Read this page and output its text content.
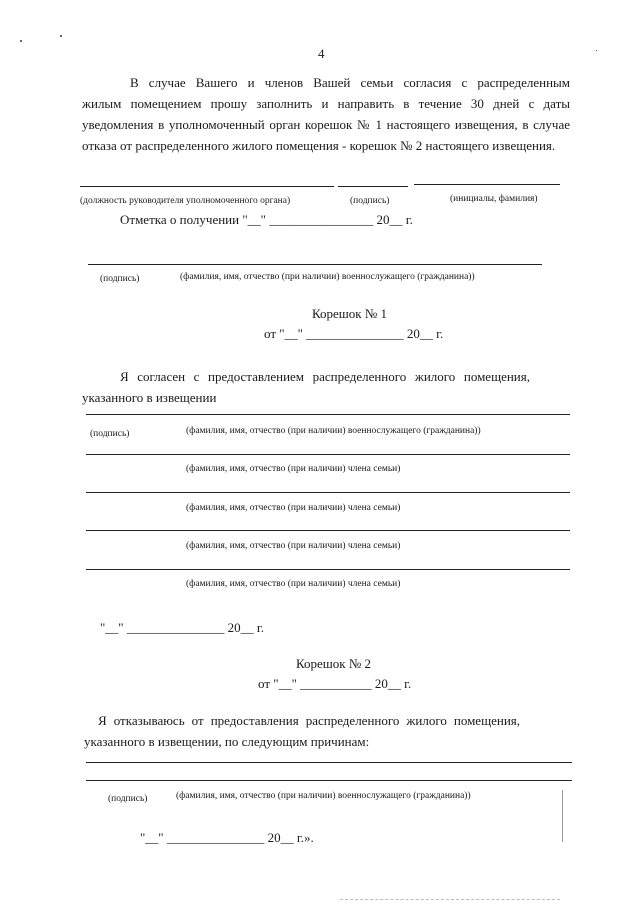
4
В случае Вашего и членов Вашей семьи согласия с распределенным
жилым помещением прошу заполнить и направить в течение 30 дней с даты
уведомления в уполномоченный орган корешок № 1 настоящего извещения, в случае
отказа от распределенного жилого помещения - корешок № 2 настоящего извещения.
(должность руководителя уполномоченного органа)	(подпись)	(инициалы, фамилия)
Отметка о получении "__" ________________ 20__ г.
(подпись)	(фамилия, имя, отчество (при наличии) военнослужащего (гражданина))
Корешок № 1
от "__" _______________ 20__ г.
Я согласен с предоставлением распределенного жилого помещения,
указанного в извещении
(подпись)	(фамилия, имя, отчество (при наличии) военнослужащего (гражданина))
(фамилия, имя, отчество (при наличии) члена семьи)
(фамилия, имя, отчество (при наличии) члена семьи)
(фамилия, имя, отчество (при наличии) члена семьи)
(фамилия, имя, отчество (при наличии) члена семьи)
"__" _______________ 20__ г.
Корешок № 2
от "__" ___________ 20__ г.
Я отказываюсь от предоставления распределенного жилого помещения,
указанного в извещении, по следующим причинам:
(подпись)	(фамилия, имя, отчество (при наличии) военнослужащего (гражданина))
"__" _______________ 20__ г.».
